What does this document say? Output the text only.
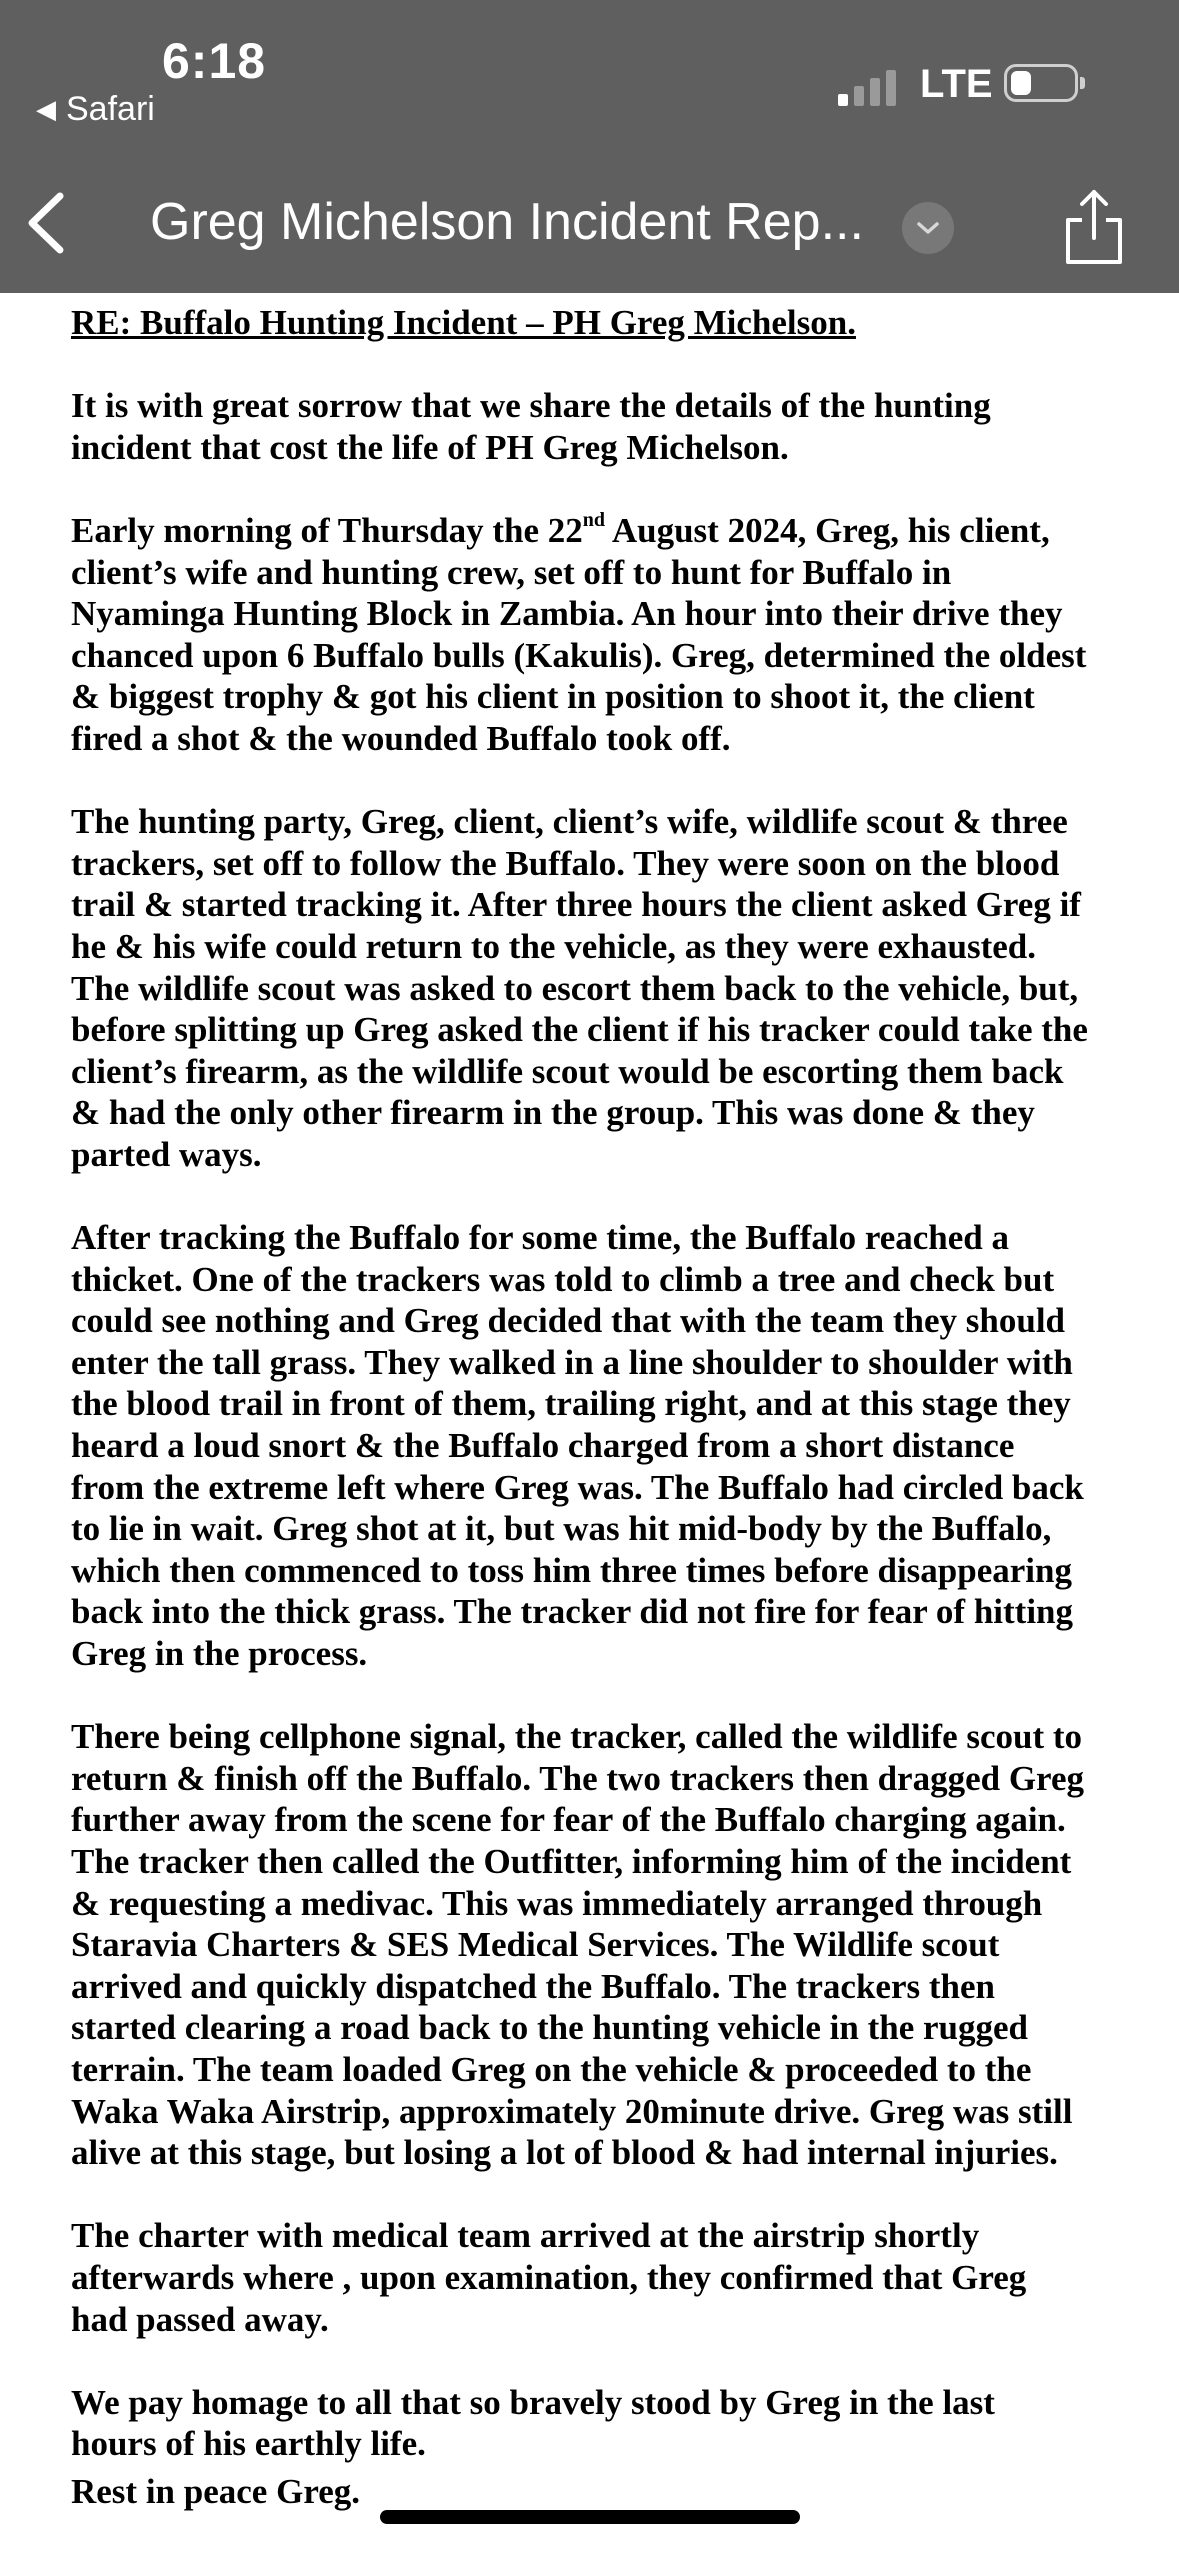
6:18
◀ Safari
LTE
Greg Michelson Incident Rep...

RE: Buffalo Hunting Incident – PH Greg Michelson.

It is with great sorrow that we share the details of the hunting
incident that cost the life of PH Greg Michelson.

Early morning of Thursday the 22nd August 2024, Greg, his client,
client’s wife and hunting crew, set off to hunt for Buffalo in
Nyaminga Hunting Block in Zambia. An hour into their drive they
chanced upon 6 Buffalo bulls (Kakulis). Greg, determined the oldest
& biggest trophy & got his client in position to shoot it, the client
fired a shot & the wounded Buffalo took off.

The hunting party, Greg, client, client’s wife, wildlife scout & three
trackers, set off to follow the Buffalo. They were soon on the blood
trail & started tracking it. After three hours the client asked Greg if
he & his wife could return to the vehicle, as they were exhausted.
The wildlife scout was asked to escort them back to the vehicle, but,
before splitting up Greg asked the client if his tracker could take the
client’s firearm, as the wildlife scout would be escorting them back
& had the only other firearm in the group. This was done & they
parted ways.

After tracking the Buffalo for some time, the Buffalo reached a
thicket. One of the trackers was told to climb a tree and check but
could see nothing and Greg decided that with the team they should
enter the tall grass. They walked in a line shoulder to shoulder with
the blood trail in front of them, trailing right, and at this stage they
heard a loud snort & the Buffalo charged from a short distance
from the extreme left where Greg was. The Buffalo had circled back
to lie in wait. Greg shot at it, but was hit mid-body by the Buffalo,
which then commenced to toss him three times before disappearing
back into the thick grass. The tracker did not fire for fear of hitting
Greg in the process.

There being cellphone signal, the tracker, called the wildlife scout to
return & finish off the Buffalo. The two trackers then dragged Greg
further away from the scene for fear of the Buffalo charging again.
The tracker then called the Outfitter, informing him of the incident
& requesting a medivac. This was immediately arranged through
Staravia Charters & SES Medical Services. The Wildlife scout
arrived and quickly dispatched the Buffalo. The trackers then
started clearing a road back to the hunting vehicle in the rugged
terrain. The team loaded Greg on the vehicle & proceeded to the
Waka Waka Airstrip, approximately 20minute drive. Greg was still
alive at this stage, but losing a lot of blood & had internal injuries.

The charter with medical team arrived at the airstrip shortly
afterwards where , upon examination, they confirmed that Greg
had passed away.

We pay homage to all that so bravely stood by Greg in the last
hours of his earthly life.

Rest in peace Greg.
